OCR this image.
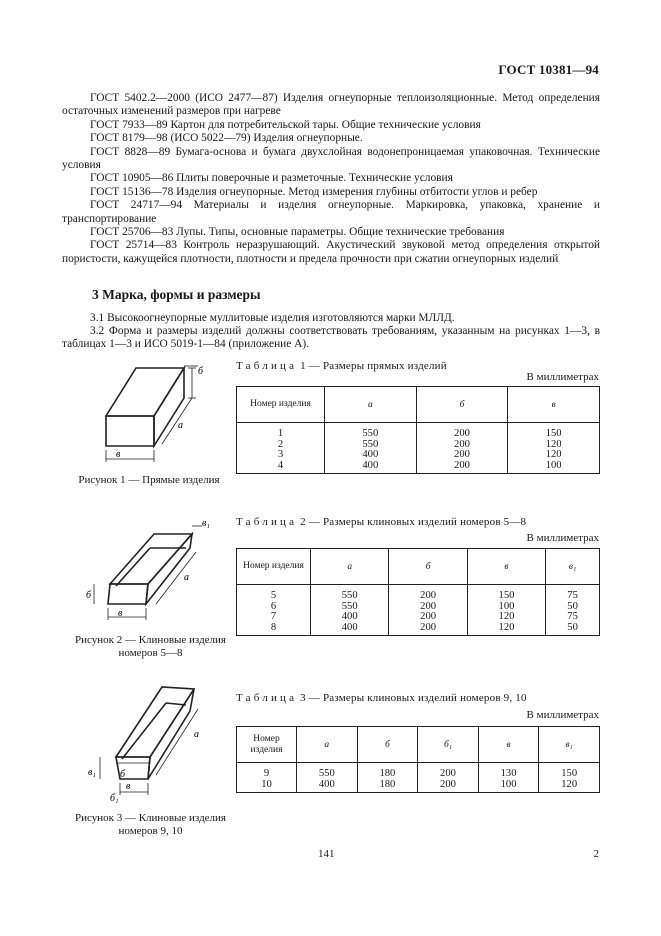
ГОСТ 10381—94

ГОСТ 5402.2—2000 (ИСО 2477—87) Изделия огнеупорные теплоизоляционные. Метод определения остаточных изменений размеров при нагреве

ГОСТ 7933—89 Картон для потребительской тары. Общие технические условия

ГОСТ 8179—98 (ИСО 5022—79) Изделия огнеупорные.

ГОСТ 8828—89 Бумага-основа и бумага двухслойная водонепроницаемая упаковочная. Технические условия

ГОСТ 10905—86 Плиты поверочные и разметочные. Технические условия

ГОСТ 15136—78 Изделия огнеупорные. Метод измерения глубины отбитости углов и ребер

ГОСТ 24717—94 Материалы и изделия огнеупорные. Маркировка, упаковка, хранение и транспортирование

ГОСТ 25706—83 Лупы. Типы, основные параметры. Общие технические требования

ГОСТ 25714—83 Контроль неразрушающий. Акустический звуковой метод определения открытой пористости, кажущейся плотности, плотности и предела прочности при сжатии огнеупорных изделий

3 Марка, формы и размеры
3.1 Высокоогнеупорные муллитовые изделия изготовляются марки МЛЛД.
3.2 Форма и размеры изделий должны соответствовать требованиям, указанным на рисунках 1—3, в таблицах 1—3 и ИСО 5019-1—84 (приложение А).
в
а
б
Рисунок 1 — Прямые изделия
в
а
б
в₁
Рисунок 2 — Клиновые изделия номеров 5—8
в
а
в₁ б
б₁
Рисунок 3 — Клиновые изделия номеров 9, 10
Таблица 1 — Размеры прямых изделий
В миллиметрах
Номер изделия	а	б	в
1	550	200	150
2	550	200	120
3	400	200	120
4	400	200	100
Таблица 2 — Размеры клиновых изделий номеров 5—8
В миллиметрах
Номер изделия	а	б	в	в₁
5	550	200	150	75
6	550	200	100	50
7	400	200	120	75
8	400	200	120	50
Таблица 3 — Размеры клиновых изделий номеров 9, 10
В миллиметрах
Номер изделия	а	б	б₁	в	в₁
9	550	180	200	130	150
10	400	180	200	100	120
141	2
